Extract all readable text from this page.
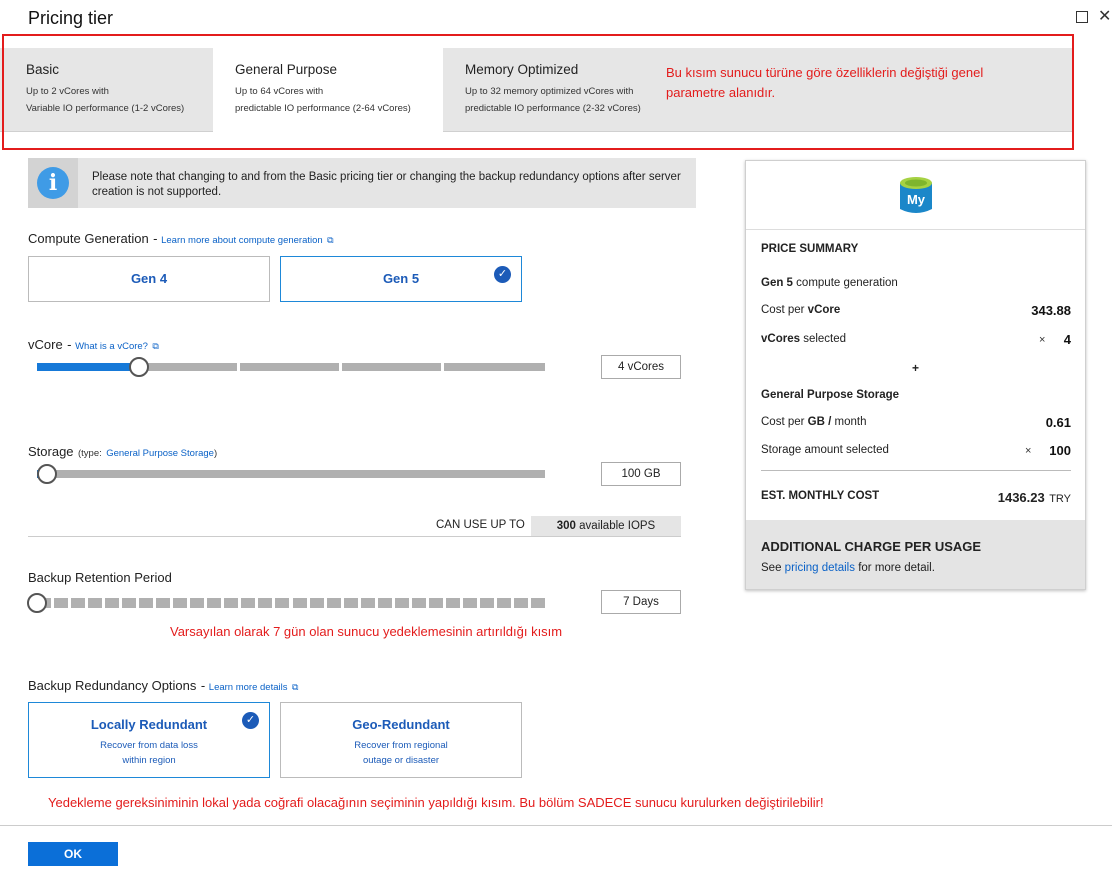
Pricing tier	✕
Basic
Up to 2 vCores with
Variable IO performance (1-2 vCores)
General Purpose
Up to 64 vCores with
predictable IO performance (2-64 vCores)
Memory Optimized
Up to 32 memory optimized vCores with
predictable IO performance (2-32 vCores)
Bu kısım sunucu türüne göre özelliklerin değiştiği genel
parametre alanıdır.
i	Please note that changing to and from the Basic pricing tier or changing the backup redundancy options after server creation is not supported.
Compute Generation - Learn more about compute generation ⧉
Gen 4	Gen 5	✓
vCore - What is a vCore? ⧉
4 vCores
Storage (type: General Purpose Storage)
100 GB
CAN USE UP TO	300 available IOPS
Backup Retention Period
7 Days
Varsayılan olarak 7 gün olan sunucu yedeklemesinin artırıldığı kısım
Backup Redundancy Options - Learn more details ⧉
Locally Redundant
Recover from data loss
within region
✓	Geo-Redundant
Recover from regional
outage or disaster
Yedekleme gereksiniminin lokal yada coğrafi olacağının seçiminin yapıldığı kısım. Bu bölüm SADECE sunucu kurulurken değiştirilebilir!
OK
My
PRICE SUMMARY
Gen 5 compute generation
Cost per vCore	343.88
vCores selected	×	4
+
General Purpose Storage
Cost per GB / month	0.61
Storage amount selected	×	100
EST. MONTHLY COST	1436.23 TRY
ADDITIONAL CHARGE PER USAGE
See pricing details for more detail.
